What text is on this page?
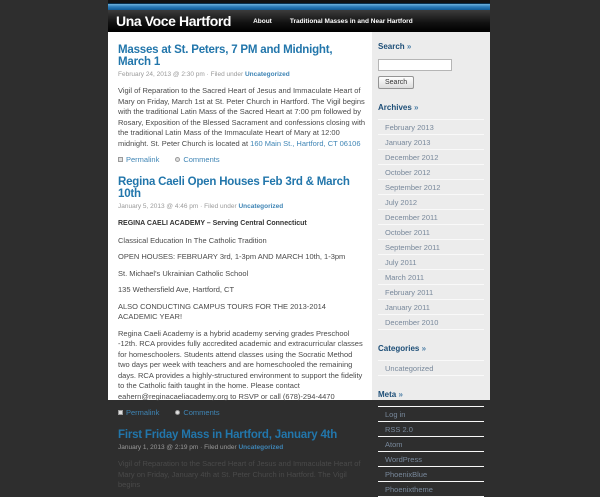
Una Voce Hartford	About	Traditional Masses in and Near Hartford
Masses at St. Peters, 7 PM and Midnight, March 1
February 24, 2013 @ 2:30 pm · Filed under Uncategorized

Vigil of Reparation to the Sacred Heart of Jesus and Immaculate Heart of Mary on Friday, March 1st at St. Peter Church in Hartford. The Vigil begins with the traditional Latin Mass of the Sacred Heart at 7:00 pm followed by Rosary, Exposition of the Blessed Sacrament and confessions closing with the traditional Latin Mass of the Immaculate Heart of Mary at 12:00 midnight. St. Peter Church is located at 160 Main St., Hartford, CT 06106

Permalink	Comments
Regina Caeli Open Houses Feb 3rd & March 10th
January 5, 2013 @ 4:46 pm · Filed under Uncategorized

REGINA CAELI ACADEMY – Serving Central Connecticut

Classical Education In The Catholic Tradition

OPEN HOUSES: FEBRUARY 3rd, 1-3pm AND MARCH 10th, 1-3pm

St. Michael's Ukrainian Catholic School

135 Wethersfield Ave, Hartford, CT

ALSO CONDUCTING CAMPUS TOURS FOR THE 2013-2014 ACADEMIC YEAR!

Regina Caeli Academy is a hybrid academy serving grades Preschool -12th. RCA provides fully accredited academic and extracurricular classes for homeschoolers. Students attend classes using the Socratic Method two days per week with teachers and are homeschooled the remaining days. RCA provides a highly-structured environment to support the fidelity to the Catholic faith taught in the home. Please contact eahern@reginacaeliacademy.org to RSVP or call (678)-294-4470

Permalink	Comments
First Friday Mass in Hartford, January 4th
January 1, 2013 @ 2:19 pm · Filed under Uncategorized

Vigil of Reparation to the Sacred Heart of Jesus and Immaculate Heart of Mary on Friday, January 4th at St. Peter Church in Hartford. The Vigil begins

Search »
Search
Archives »
February 2013
January 2013
December 2012
October 2012
September 2012
July 2012
December 2011
October 2011
September 2011
July 2011
March 2011
February 2011
January 2011
December 2010
Categories »
Uncategorized
Meta »
Log in
RSS 2.0
Atom
WordPress
PhoenixBlue
Phoenixtheme
